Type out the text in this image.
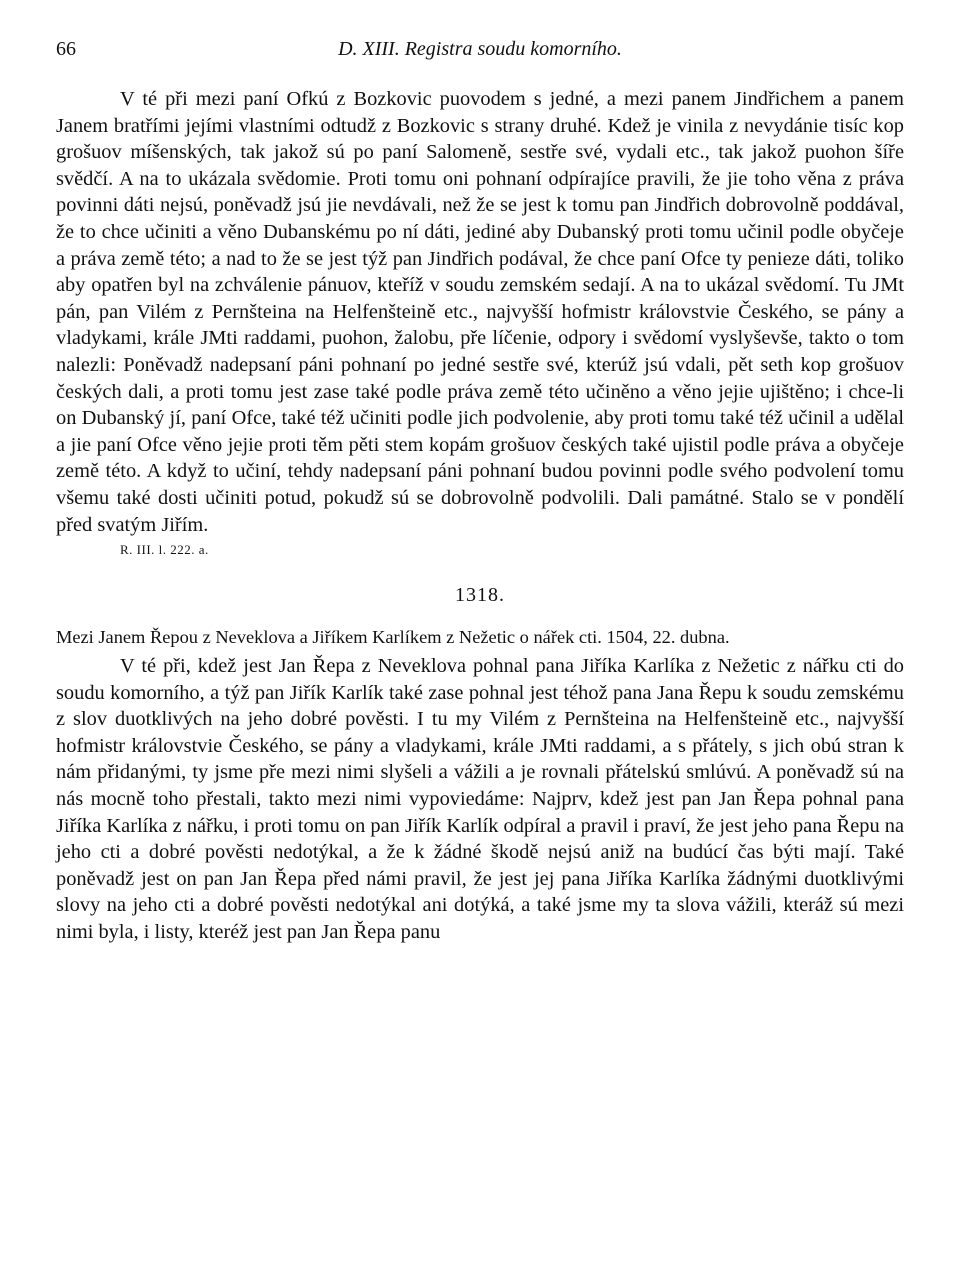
66	D. XIII. Registra soudu komorního.

V té při mezi paní Ofkú z Bozkovic puovodem s jedné, a mezi panem Jindřichem a panem Janem bratřími jejími vlastními odtudž z Bozkovic s strany druhé. Kdež je vinila z nevydánie tisíc kop grošuov míšenských, tak jakož sú po paní Salomeně, sestře své, vydali etc., tak jakož puohon šíře svědčí. A na to ukázala svědomie. Proti tomu oni pohnaní odpírajíce pravili, že jie toho věna z práva povinni dáti nejsú, poněvadž jsú jie nevdávali, než že se jest k tomu pan Jindřich dobrovolně poddával, že to chce učiniti a věno Dubanskému po ní dáti, jediné aby Dubanský proti tomu učinil podle obyčeje a práva země této; a nad to že se jest týž pan Jindřich podával, že chce paní Ofce ty penieze dáti, toliko aby opatřen byl na zchválenie pánuov, kteříž v soudu zemském sedají. A na to ukázal svědomí. Tu JMt pán, pan Vilém z Pernšteina na Helfenšteině etc., najvyšší hofmistr královstvie Českého, se pány a vladykami, krále JMti raddami, puohon, žalobu, pře líčenie, odpory i svědomí vyslyševše, takto o tom nalezli: Poněvadž nadepsaní páni pohnaní po jedné sestře své, kterúž jsú vdali, pět seth kop grošuov českých dali, a proti tomu jest zase také podle práva země této učiněno a věno jejie ujištěno; i chce-li on Dubanský jí, paní Ofce, také též učiniti podle jich podvolenie, aby proti tomu také též učinil a udělal a jie paní Ofce věno jejie proti těm pěti stem kopám grošuov českých také ujistil podle práva a obyčeje země této. A když to učiní, tehdy nadepsaní páni pohnaní budou povinni podle svého podvolení tomu všemu také dosti učiniti potud, pokudž sú se dobrovolně podvolili. Dali památné. Stalo se v pondělí před svatým Jiřím.

R. III. l. 222. a.
1318.
Mezi Janem Řepou z Neveklova a Jiříkem Karlíkem z Nežetic o nářek cti. 1504, 22. dubna.

V té při, kdež jest Jan Řepa z Neveklova pohnal pana Jiříka Karlíka z Nežetic z nářku cti do soudu komorního, a týž pan Jiřík Karlík také zase pohnal jest téhož pana Jana Řepu k soudu zemskému z slov duotklivých na jeho dobré pověsti. I tu my Vilém z Pernšteina na Helfenšteině etc., najvyšší hofmistr královstvie Českého, se pány a vladykami, krále JMti raddami, a s přátely, s jich obú stran k nám přidanými, ty jsme pře mezi nimi slyšeli a vážili a je rovnali přátelskú smlúvú. A poněvadž sú na nás mocně toho přestali, takto mezi nimi vypoviedáme: Najprv, kdež jest pan Jan Řepa pohnal pana Jiříka Karlíka z nářku, i proti tomu on pan Jiřík Karlík odpíral a pravil i praví, že jest jeho pana Řepu na jeho cti a dobré pověsti nedotýkal, a že k žádné škodě nejsú aniž na budúcí čas býti mají. Také poněvadž jest on pan Jan Řepa před námi pravil, že jest jej pana Jiříka Karlíka žádnými duotklivými slovy na jeho cti a dobré pověsti nedotýkal ani dotýká, a také jsme my ta slova vážili, kteráž sú mezi nimi byla, i listy, kteréž jest pan Jan Řepa panu
